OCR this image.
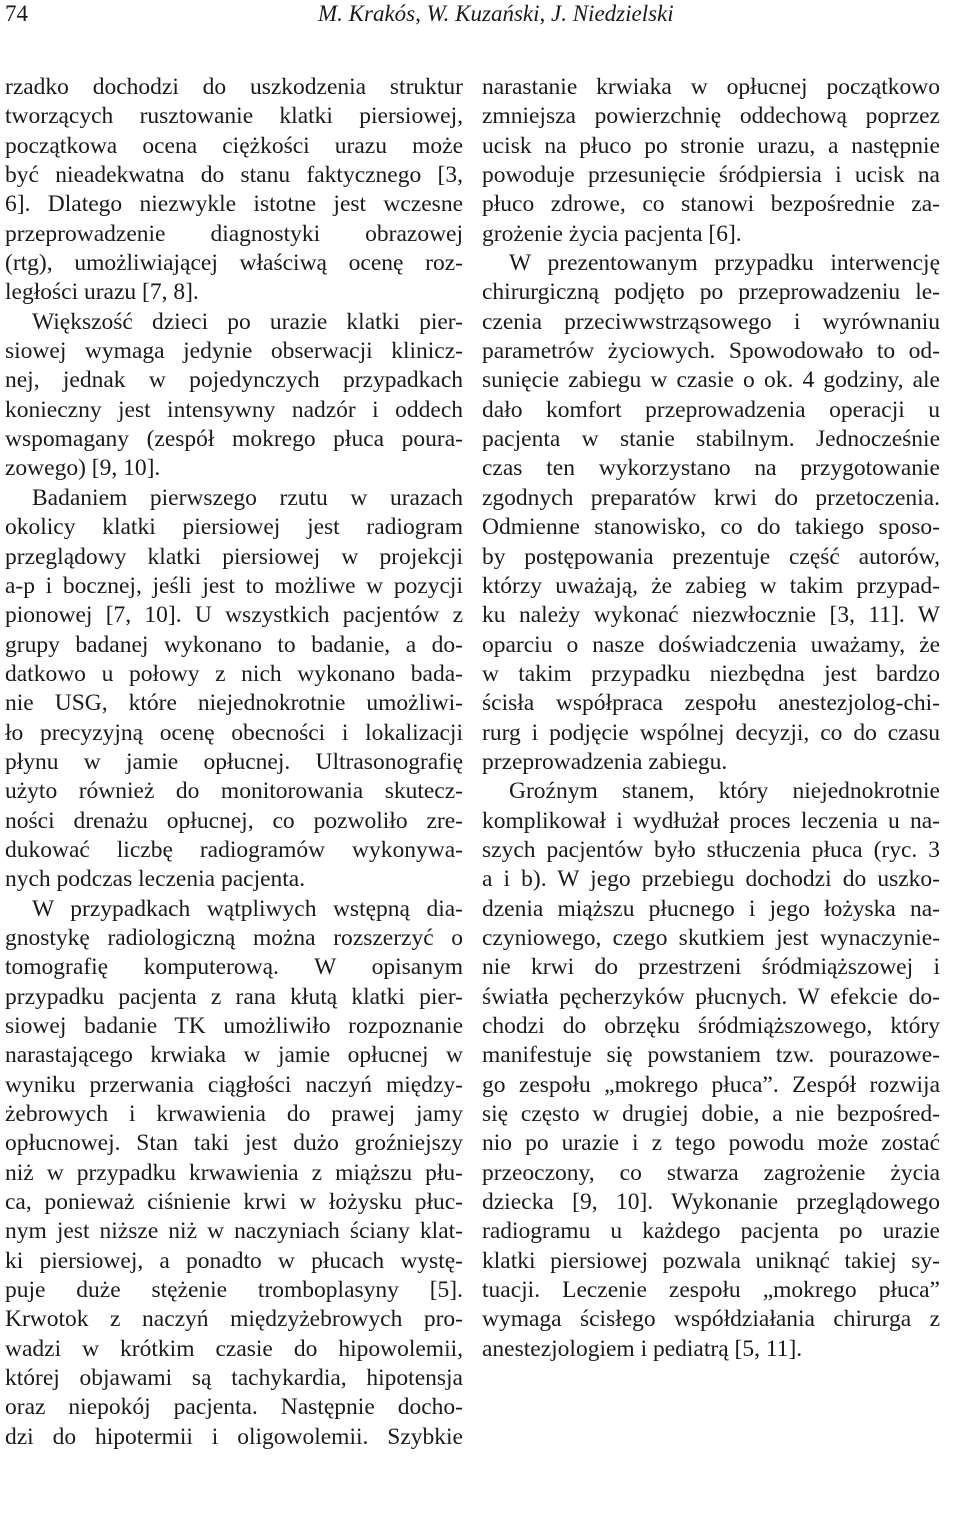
74	M. Krakós, W. Kuzański, J. Niedzielski
rzadko dochodzi do uszkodzenia struktur
tworzących rusztowanie klatki piersiowej,
początkowa ocena ciężkości urazu może
być nieadekwatna do stanu faktycznego [3,
6]. Dlatego niezwykle istotne jest wczesne
przeprowadzenie diagnostyki obrazowej
(rtg), umożliwiającej właściwą ocenę roz-
ległości urazu [7, 8].
Większość dzieci po urazie klatki pier-
siowej wymaga jedynie obserwacji klinicz-
nej, jednak w pojedynczych przypadkach
konieczny jest intensywny nadzór i oddech
wspomagany (zespół mokrego płuca poura-
zowego) [9, 10].
Badaniem pierwszego rzutu w urazach
okolicy klatki piersiowej jest radiogram
przeglądowy klatki piersiowej w projekcji
a-p i bocznej, jeśli jest to możliwe w pozycji
pionowej [7, 10]. U wszystkich pacjentów z
grupy badanej wykonano to badanie, a do-
datkowo u połowy z nich wykonano bada-
nie USG, które niejednokrotnie umożliwi-
ło precyzyjną ocenę obecności i lokalizacji
płynu w jamie opłucnej. Ultrasonografię
użyto również do monitorowania skutecz-
ności drenażu opłucnej, co pozwoliło zre-
dukować liczbę radiogramów wykonywa-
nych podczas leczenia pacjenta.
W przypadkach wątpliwych wstępną dia-
gnostykę radiologiczną można rozszerzyć o
tomografię komputerową. W opisanym
przypadku pacjenta z rana kłutą klatki pier-
siowej badanie TK umożliwiło rozpoznanie
narastającego krwiaka w jamie opłucnej w
wyniku przerwania ciągłości naczyń między-
żebrowych i krwawienia do prawej jamy
opłucnowej. Stan taki jest dużo groźniejszy
niż w przypadku krwawienia z miąższu płu-
ca, ponieważ ciśnienie krwi w łożysku płuc-
nym jest niższe niż w naczyniach ściany klat-
ki piersiowej, a ponadto w płucach wystę-
puje duże stężenie tromboplasyny [5].
Krwotok z naczyń międzyżebrowych pro-
wadzi w krótkim czasie do hipowolemii,
której objawami są tachykardia, hipotensja
oraz niepokój pacjenta. Następnie docho-
dzi do hipotermii i oligowolemii. Szybkie
narastanie krwiaka w opłucnej początkowo
zmniejsza powierzchnię oddechową poprzez
ucisk na płuco po stronie urazu, a następnie
powoduje przesunięcie śródpiersia i ucisk na
płuco zdrowe, co stanowi bezpośrednie za-
grożenie życia pacjenta [6].
W prezentowanym przypadku interwencję
chirurgiczną podjęto po przeprowadzeniu le-
czenia przeciwwstrząsowego i wyrównaniu
parametrów życiowych. Spowodowało to od-
sunięcie zabiegu w czasie o ok. 4 godziny, ale
dało komfort przeprowadzenia operacji u
pacjenta w stanie stabilnym. Jednocześnie
czas ten wykorzystano na przygotowanie
zgodnych preparatów krwi do przetoczenia.
Odmienne stanowisko, co do takiego sposo-
by postępowania prezentuje część autorów,
którzy uważają, że zabieg w takim przypad-
ku należy wykonać niezwłocznie [3, 11]. W
oparciu o nasze doświadczenia uważamy, że
w takim przypadku niezbędna jest bardzo
ścisła współpraca zespołu anestezjolog-chi-
rurg i podjęcie wspólnej decyzji, co do czasu
przeprowadzenia zabiegu.
Groźnym stanem, który niejednokrotnie
komplikował i wydłużał proces leczenia u na-
szych pacjentów było stłuczenia płuca (ryc. 3
a i b). W jego przebiegu dochodzi do uszko-
dzenia miąższu płucnego i jego łożyska na-
czyniowego, czego skutkiem jest wynaczynie-
nie krwi do przestrzeni śródmiąższowej i
światła pęcherzyków płucnych. W efekcie do-
chodzi do obrzęku śródmiąższowego, który
manifestuje się powstaniem tzw. pourazowe-
go zespołu „mokrego płuca”. Zespół rozwija
się często w drugiej dobie, a nie bezpośred-
nio po urazie i z tego powodu może zostać
przeoczony, co stwarza zagrożenie życia
dziecka [9, 10]. Wykonanie przeglądowego
radiogramu u każdego pacjenta po urazie
klatki piersiowej pozwala uniknąć takiej sy-
tuacji. Leczenie zespołu „mokrego płuca”
wymaga ścisłego współdziałania chirurga z
anestezjologiem i pediatrą [5, 11].
